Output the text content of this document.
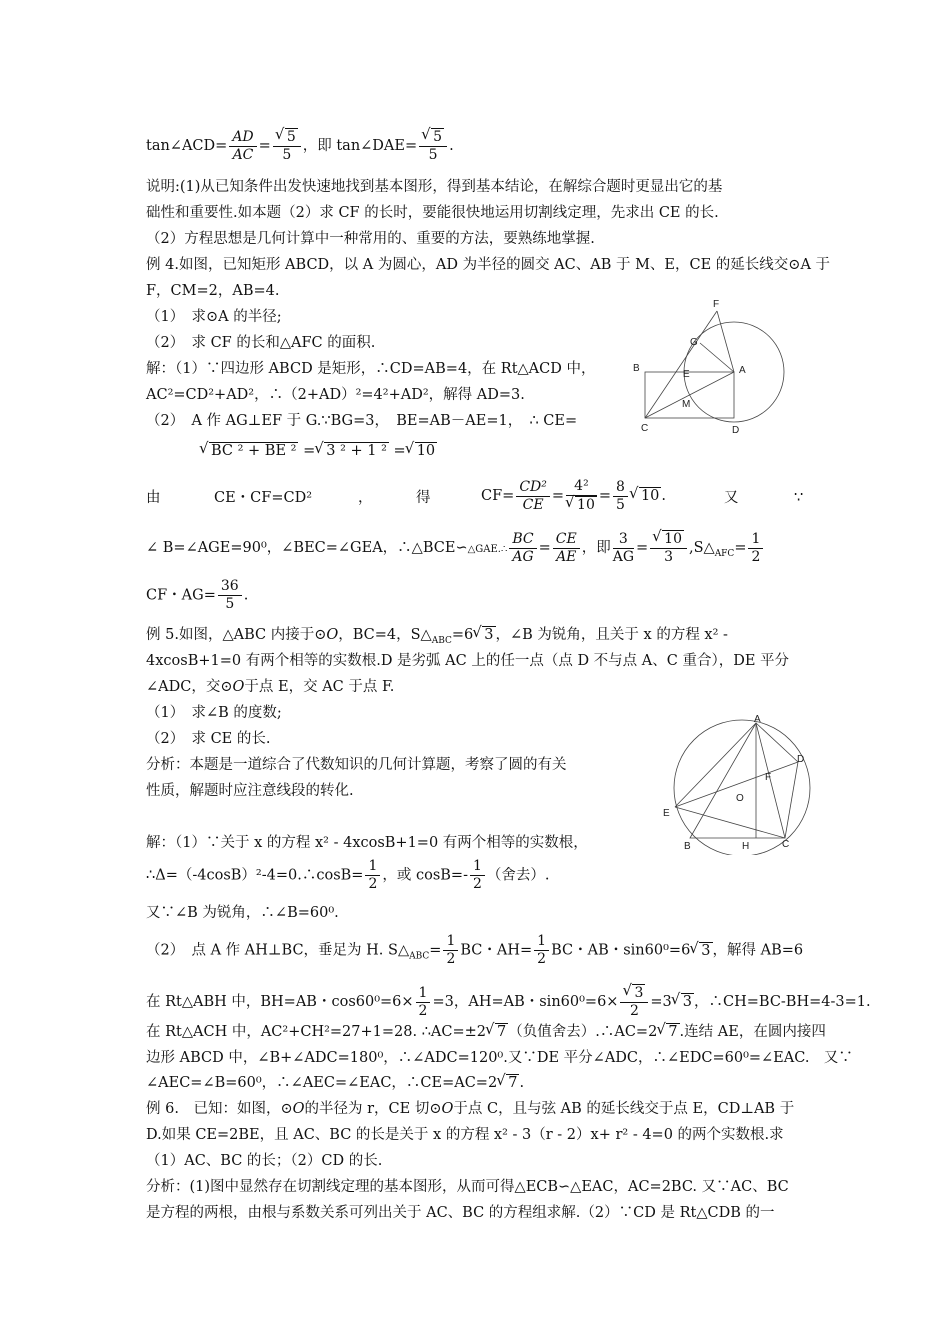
tan∠ACD= $\frac{AD}{AC}$ =
√ $\frac{5}{5}$ ，即 tan∠DAE=
√ $\frac{5}{5}$ .
说明:(1)从已知条件出发快速地找到基本图形，得到基本结论，在解综合题时更显出它的基
础性和重要性.如本题（2）求 CF 的长时，要能很快地运用切割线定理，先求出 CE 的长.
（2）方程思想是几何计算中一种常用的、重要的方法，要熟练地掌握.
例 4.如图，已知矩形 ABCD，以 A 为圆心，AD 为半径的圆交 AC、AB 于 M、E，CE 的延长线交⊙A 于
F，CM=2，AB=4.
（1）　求⊙A 的半径;
（2）　求 CF 的长和△AFC 的面积.
解：（1）∵四边形 ABCD 是矩形，∴CD=AB=4，在 Rt△ACD 中，
AC²=CD²+AD²，∴（2+AD）²=4²+AD²，解得 AD=3.
（2）　A 作 AG⊥EF 于 G.∵BG=3，　BE=AB－AE=1，　∴ CE=
√ BC ² + BE ² =√ 3 ² + 1 ² =√ 10
由	CE・CF=CD²	，	得	$CF= \frac{\text{CD²}}{CE} = 4^2$
√ $10 = \frac{8}{5}$
√ 10 .	又	∵
∠ B=∠AGE=90⁰，∠BEC=∠GEA，∴△BCE∽△GAE.∴ $\frac{BC}{AG} = \frac{CE}{AE}$ ，即 $\frac{3}{AG}$ =
√ $\frac{10}{3}$ $,S\triangle_{AFC}= \frac{1}{2}$
CF・$AG= \frac{36}{5}$ .
例 5.如图，△ABC 内接于⊙O，BC=4，$S\triangle_{ABC}=6√$ 3 ，∠B 为锐角，且关于 x 的方程 x² -
4xcosB+1=0 有两个相等的实数根.D 是劣弧 AC 上的任一点（点 D 不与点 A、C 重合），DE 平分
∠ADC，交⊙O于点 E，交 AC 于点 F.
（1）　求∠B 的度数;
（2）　求 CE 的长.
分析：本题是一道综合了代数知识的几何计算题，考察了圆的有关
性质，解题时应注意线段的转化.
解：（1）∵关于 x 的方程 x² - 4xcosB+1=0 有两个相等的实数根，
∴Δ=（-4cosB）²-4=0.∴cosB= $\frac{1}{2}$ ，或 $\cos B=- \frac{1}{2}$ （舍去）.
又∵∠B 为锐角，∴∠B=60⁰.
（2）　点 A 作 AH⊥BC，垂足为 H. $S\triangle_{ABC}= \frac{1}{2}$ BC・$AH= \frac{1}{2}$ BC・AB・sin60⁰=6√ 3 ，解得 AB=6
在 Rt△ABH 中，BH=AB・$\cos 60^0=6\times \frac{1}{2} =3$，AH=AB・sin60⁰=6×
√ $\frac{3}{2} =3√$ 3 ，∴CH=BC-BH=4-3=1.
在 Rt△ACH 中，AC²+CH²=27+1=28. ∴AC=±2√ 7 （负值舍去）.∴AC=2√ 7 .连结 AE，在圆内接四
边形 ABCD 中，∠B+∠ADC=180⁰，∴∠ADC=120⁰.又∵DE 平分∠ADC，∴∠EDC=60⁰=∠EAC.　又∵
∠AEC=∠B=60⁰，∴∠AEC=∠EAC，∴CE=AC=2√ 7 .
例 6.　已知：如图，⊙O的半径为 r，CE 切⊙O于点 C，且与弦 AB 的延长线交于点 E，CD⊥AB 于
D.如果 CE=2BE，且 AC、BC 的长是关于 x 的方程 x² - 3（r - 2）x+ r² - 4=0 的两个实数根.求
（1）AC、BC 的长；（2）CD 的长.
分析：(1)图中显然存在切割线定理的基本图形，从而可得△ECB∽△EAC，AC=2BC. 又∵AC、BC
是方程的两根，由根与系数关系可列出关于 AC、BC 的方程组求解.（2）∵CD 是 Rt△CDB 的一
F
G
B
E	A
M
C	D
A
D
F
O
E
B	H	C
